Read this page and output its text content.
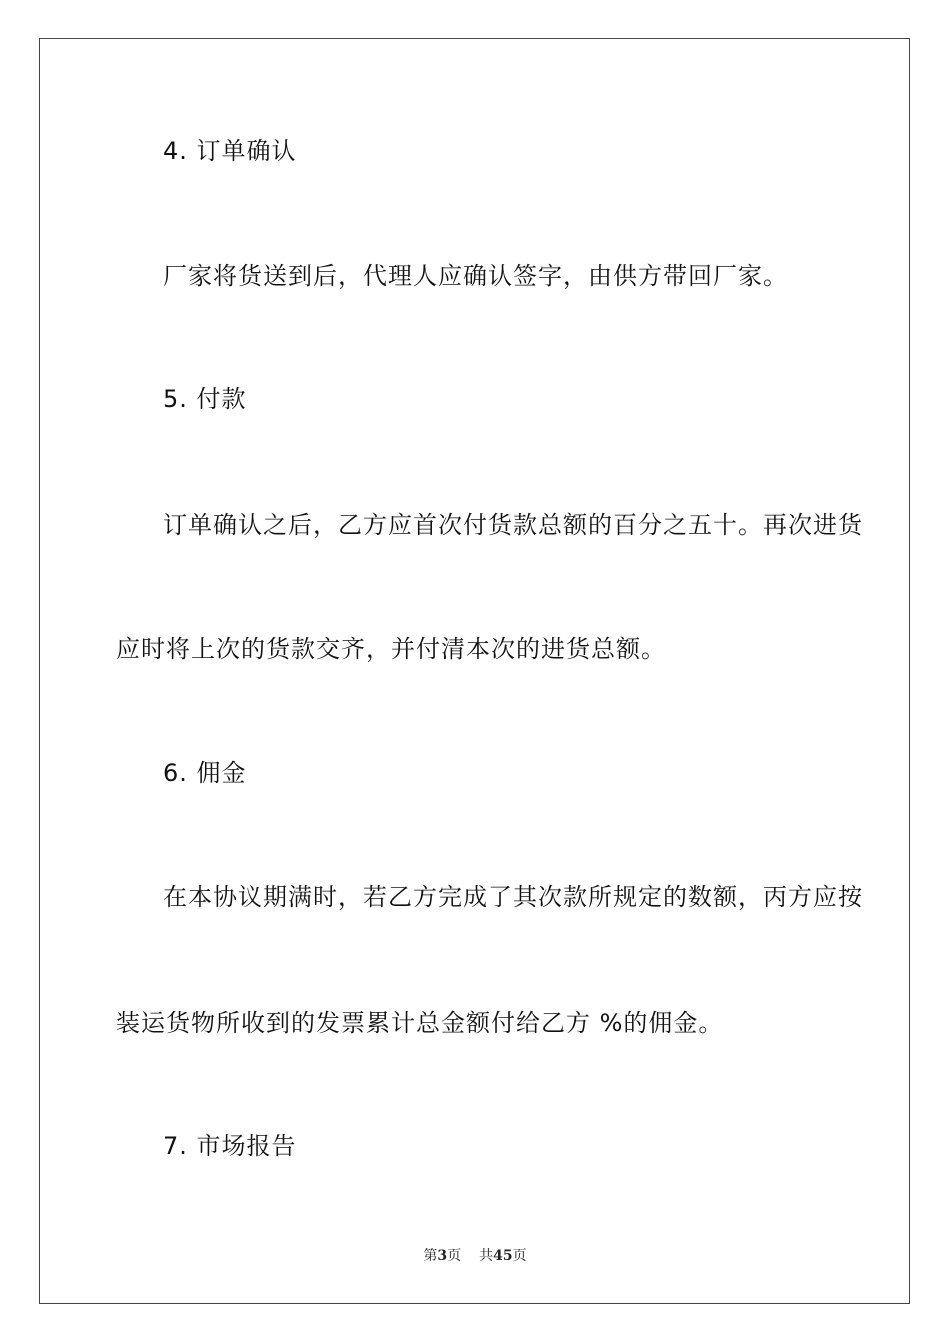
4. 订单确认
厂家将货送到后，代理人应确认签字，由供方带回厂家。
5. 付款
订单确认之后，乙方应首次付货款总额的百分之五十。再次进货
应时将上次的货款交齐，并付清本次的进货总额。
6. 佣金
在本协议期满时，若乙方完成了其次款所规定的数额，丙方应按
装运货物所收到的发票累计总金额付给乙方 %的佣金。
7. 市场报告
第3页 共45页
